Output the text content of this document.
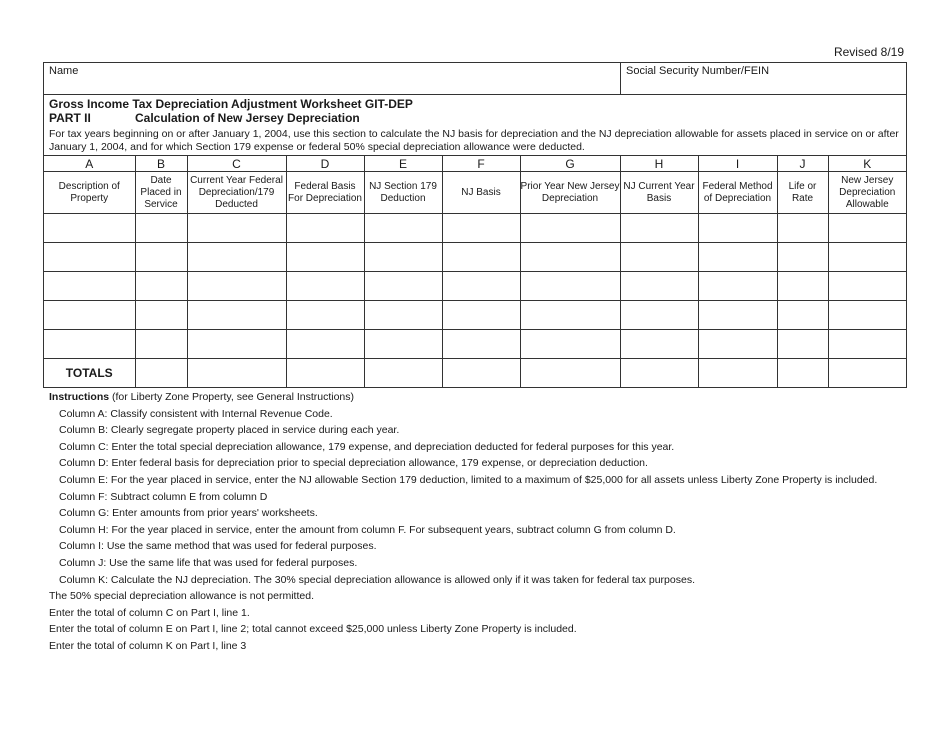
Revised 8/19
Name	Social Security Number/FEIN
Gross Income Tax Depreciation Adjustment Worksheet GIT-DEP
PART II	Calculation of New Jersey Depreciation
For tax years beginning on or after January 1, 2004, use this section to calculate the NJ basis for depreciation and the NJ depreciation allowable for assets placed in service on or after January 1, 2004, and for which Section 179 expense or federal 50% special depreciation allowance were deducted.
A	B	C	D	E	F	G	H	I	J	K
Description of Property	Date Placed in Service	Current Year Federal Depreciation/179 Deducted	Federal Basis For Depreciation	NJ Section 179 Deduction	NJ Basis	Prior Year New Jersey Depreciation	NJ Current Year Basis	Federal Method of Depreciation	Life or Rate	New Jersey Depreciation Allowable

TOTALS										
Instructions (for Liberty Zone Property, see General Instructions)
Column A: Classify consistent with Internal Revenue Code.
Column B: Clearly segregate property placed in service during each year.
Column C: Enter the total special depreciation allowance, 179 expense, and depreciation deducted for federal purposes for this year.
Column D: Enter federal basis for depreciation prior to special depreciation allowance, 179 expense, or depreciation deduction.
Column E: For the year placed in service, enter the NJ allowable Section 179 deduction, limited to a maximum of $25,000 for all assets unless Liberty Zone Property is included.
Column F: Subtract column E from column D
Column G: Enter amounts from prior years' worksheets.
Column H: For the year placed in service, enter the amount from column F. For subsequent years, subtract column G from column D.
Column I: Use the same method that was used for federal purposes.
Column J: Use the same life that was used for federal purposes.
Column K: Calculate the NJ depreciation. The 30% special depreciation allowance is allowed only if it was taken for federal tax purposes.
The 50% special depreciation allowance is not permitted.
Enter the total of column C on Part I, line 1.
Enter the total of column E on Part I, line 2; total cannot exceed $25,000 unless Liberty Zone Property is included.
Enter the total of column K on Part I, line 3
